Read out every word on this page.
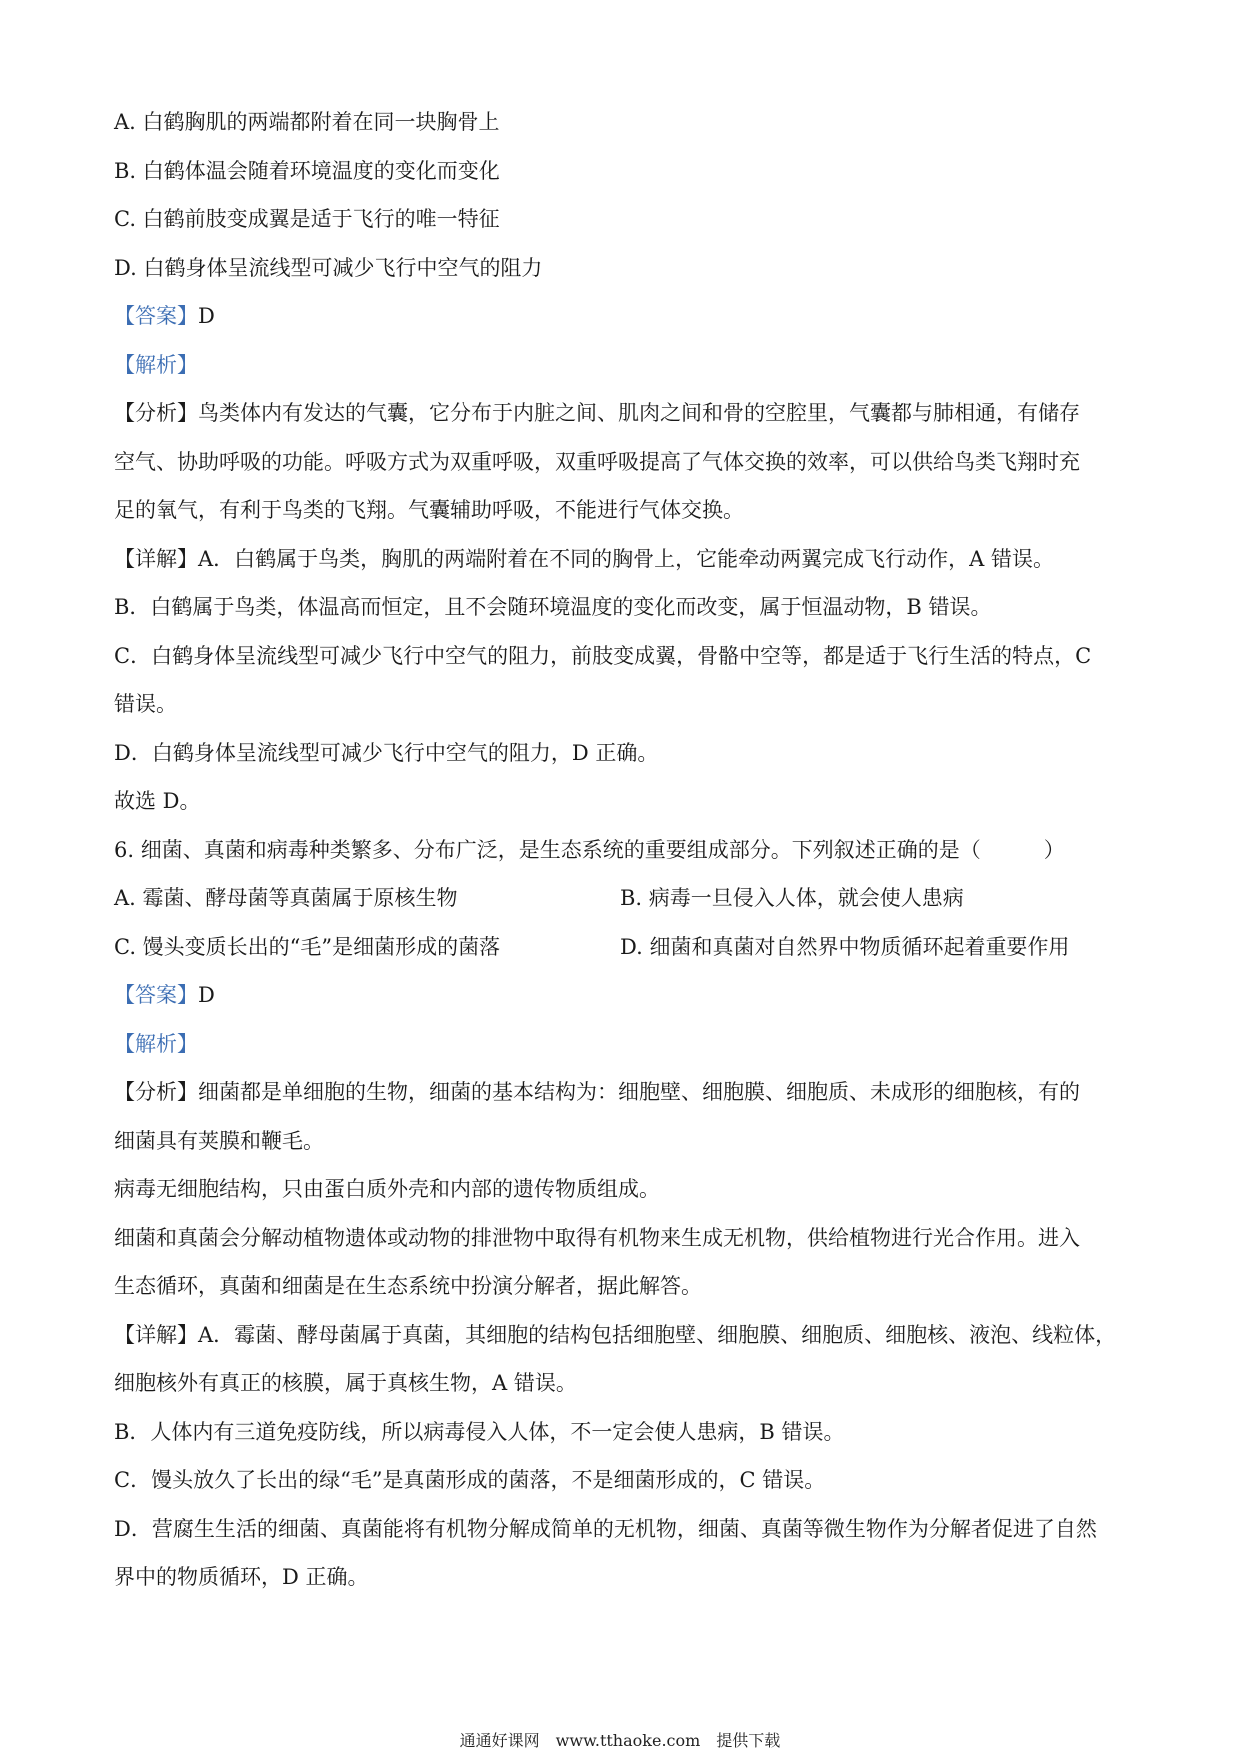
A. 白鹤胸肌的两端都附着在同一块胸骨上
B. 白鹤体温会随着环境温度的变化而变化
C. 白鹤前肢变成翼是适于飞行的唯一特征
D. 白鹤身体呈流线型可减少飞行中空气的阻力
【答案】D
【解析】
【分析】鸟类体内有发达的气囊，它分布于内脏之间、肌肉之间和骨的空腔里，气囊都与肺相通，有储存
空气、协助呼吸的功能。呼吸方式为双重呼吸，双重呼吸提高了气体交换的效率，可以供给鸟类飞翔时充
足的氧气，有利于鸟类的飞翔。气囊辅助呼吸，不能进行气体交换。
【详解】A．白鹤属于鸟类，胸肌的两端附着在不同的胸骨上，它能牵动两翼完成飞行动作，A 错误。
B．白鹤属于鸟类，体温高而恒定，且不会随环境温度的变化而改变，属于恒温动物，B 错误。
C．白鹤身体呈流线型可减少飞行中空气的阻力，前肢变成翼，骨骼中空等，都是适于飞行生活的特点，C
错误。
D．白鹤身体呈流线型可减少飞行中空气的阻力，D 正确。
故选 D。
6. 细菌、真菌和病毒种类繁多、分布广泛，是生态系统的重要组成部分。下列叙述正确的是（　　　）
A. 霉菌、酵母菌等真菌属于原核生物	B. 病毒一旦侵入人体，就会使人患病
C. 馒头变质长出的“毛”是细菌形成的菌落	D. 细菌和真菌对自然界中物质循环起着重要作用
【答案】D
【解析】
【分析】细菌都是单细胞的生物，细菌的基本结构为：细胞壁、细胞膜、细胞质、未成形的细胞核，有的
细菌具有荚膜和鞭毛。
病毒无细胞结构，只由蛋白质外壳和内部的遗传物质组成。
细菌和真菌会分解动植物遗体或动物的排泄物中取得有机物来生成无机物，供给植物进行光合作用。进入
生态循环，真菌和细菌是在生态系统中扮演分解者，据此解答。
【详解】A．霉菌、酵母菌属于真菌，其细胞的结构包括细胞壁、细胞膜、细胞质、细胞核、液泡、线粒体，
细胞核外有真正的核膜，属于真核生物，A 错误。
B．人体内有三道免疫防线，所以病毒侵入人体，不一定会使人患病，B 错误。
C．馒头放久了长出的绿“毛”是真菌形成的菌落，不是细菌形成的，C 错误。
D．营腐生生活的细菌、真菌能将有机物分解成简单的无机物，细菌、真菌等微生物作为分解者促进了自然
界中的物质循环，D 正确。
通通好课网　www.tthaoke.com　提供下载
